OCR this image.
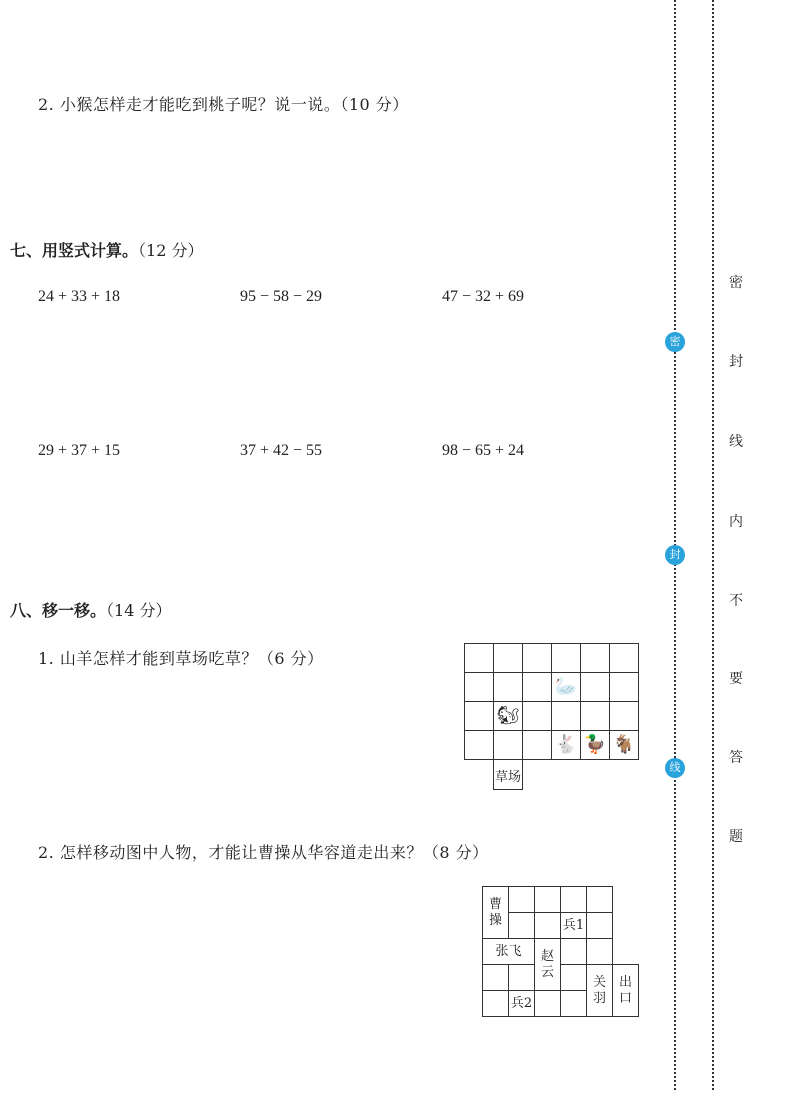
2. 小猴怎样走才能吃到桃子呢？说一说。（10 分）
七、用竖式计算。（12 分）
24 + 33 + 18	95 − 58 − 29	47 − 32 + 69
29 + 37 + 15	37 + 42 − 55	98 − 65 + 24
八、移一移。（14 分）
1. 山羊怎样才能到草场吃草？（6 分）

🦢
🐿
🐇 🦆 🐐
草场
2. 怎样移动图中人物，才能让曹操从华容道走出来？（8 分）

曹操	兵1
张飞	赵云
关羽
出口
兵2
密
封
线
密
封
线
内
不
要
答
题
